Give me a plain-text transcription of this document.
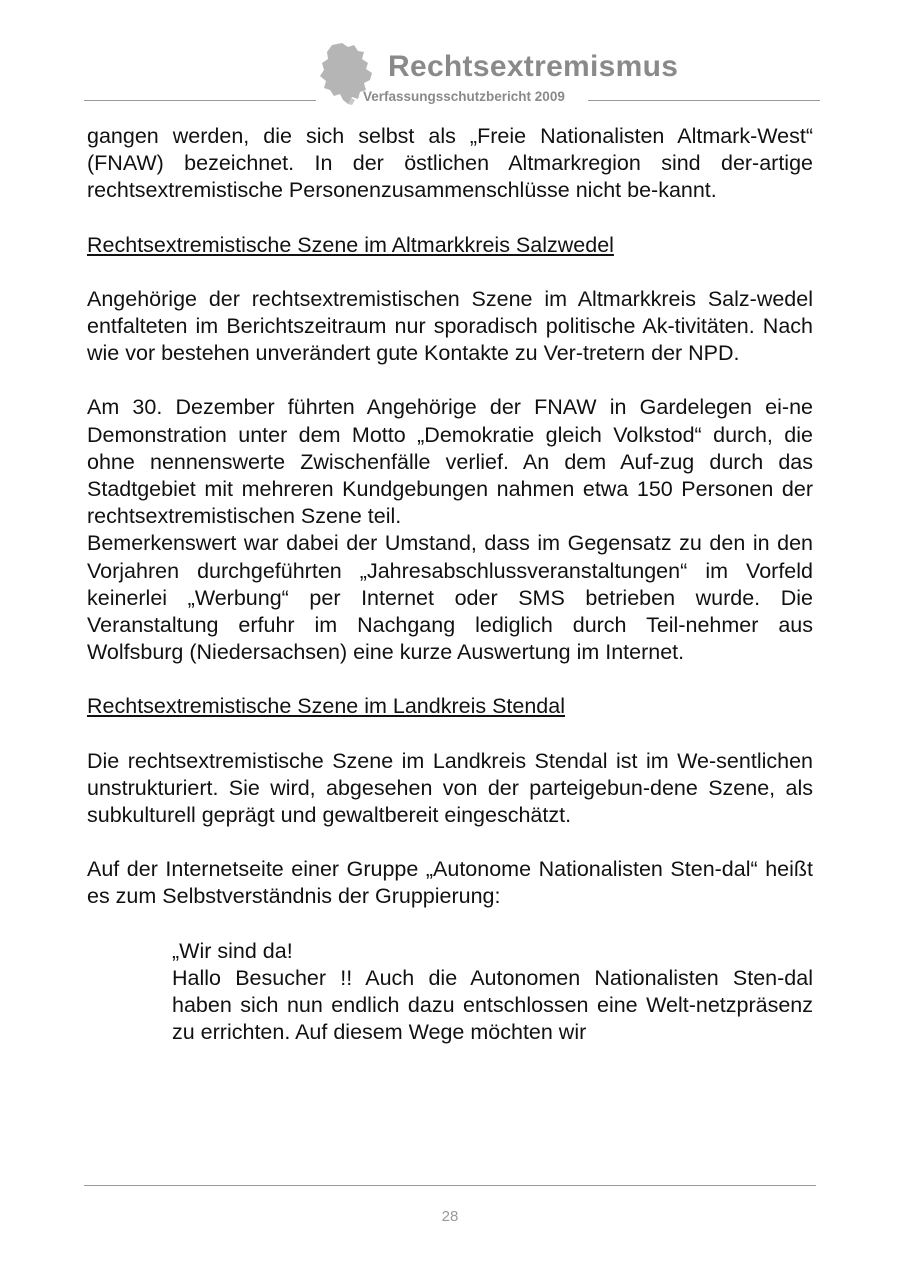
Rechtsextremismus
Verfassungsschutzbericht 2009

gangen werden, die sich selbst als „Freie Nationalisten Altmark-West“ (FNAW) bezeichnet. In der östlichen Altmarkregion sind der-artige rechtsextremistische Personenzusammenschlüsse nicht be-kannt.

Rechtsextremistische Szene im Altmarkkreis Salzwedel

Angehörige der rechtsextremistischen Szene im Altmarkkreis Salz-wedel entfalteten im Berichtszeitraum nur sporadisch politische Ak-tivitäten. Nach wie vor bestehen unverändert gute Kontakte zu Ver-tretern der NPD.

Am 30. Dezember führten Angehörige der FNAW in Gardelegen ei-ne Demonstration unter dem Motto „Demokratie gleich Volkstod“ durch, die ohne nennenswerte Zwischenfälle verlief. An dem Auf-zug durch das Stadtgebiet mit mehreren Kundgebungen nahmen etwa 150 Personen der rechtsextremistischen Szene teil.

Bemerkenswert war dabei der Umstand, dass im Gegensatz zu den in den Vorjahren durchgeführten „Jahresabschlussveranstaltungen“ im Vorfeld keinerlei „Werbung“ per Internet oder SMS betrieben wurde. Die Veranstaltung erfuhr im Nachgang lediglich durch Teil-nehmer aus Wolfsburg (Niedersachsen) eine kurze Auswertung im Internet.

Rechtsextremistische Szene im Landkreis Stendal

Die rechtsextremistische Szene im Landkreis Stendal ist im We-sentlichen unstrukturiert. Sie wird, abgesehen von der parteigebun-dene Szene, als subkulturell geprägt und gewaltbereit eingeschätzt.

Auf der Internetseite einer Gruppe „Autonome Nationalisten Sten-dal“ heißt es zum Selbstverständnis der Gruppierung:

„Wir sind da!

Hallo Besucher !! Auch die Autonomen Nationalisten Sten-dal haben sich nun endlich dazu entschlossen eine Welt-netzpräsenz zu errichten. Auf diesem Wege möchten wir

28
